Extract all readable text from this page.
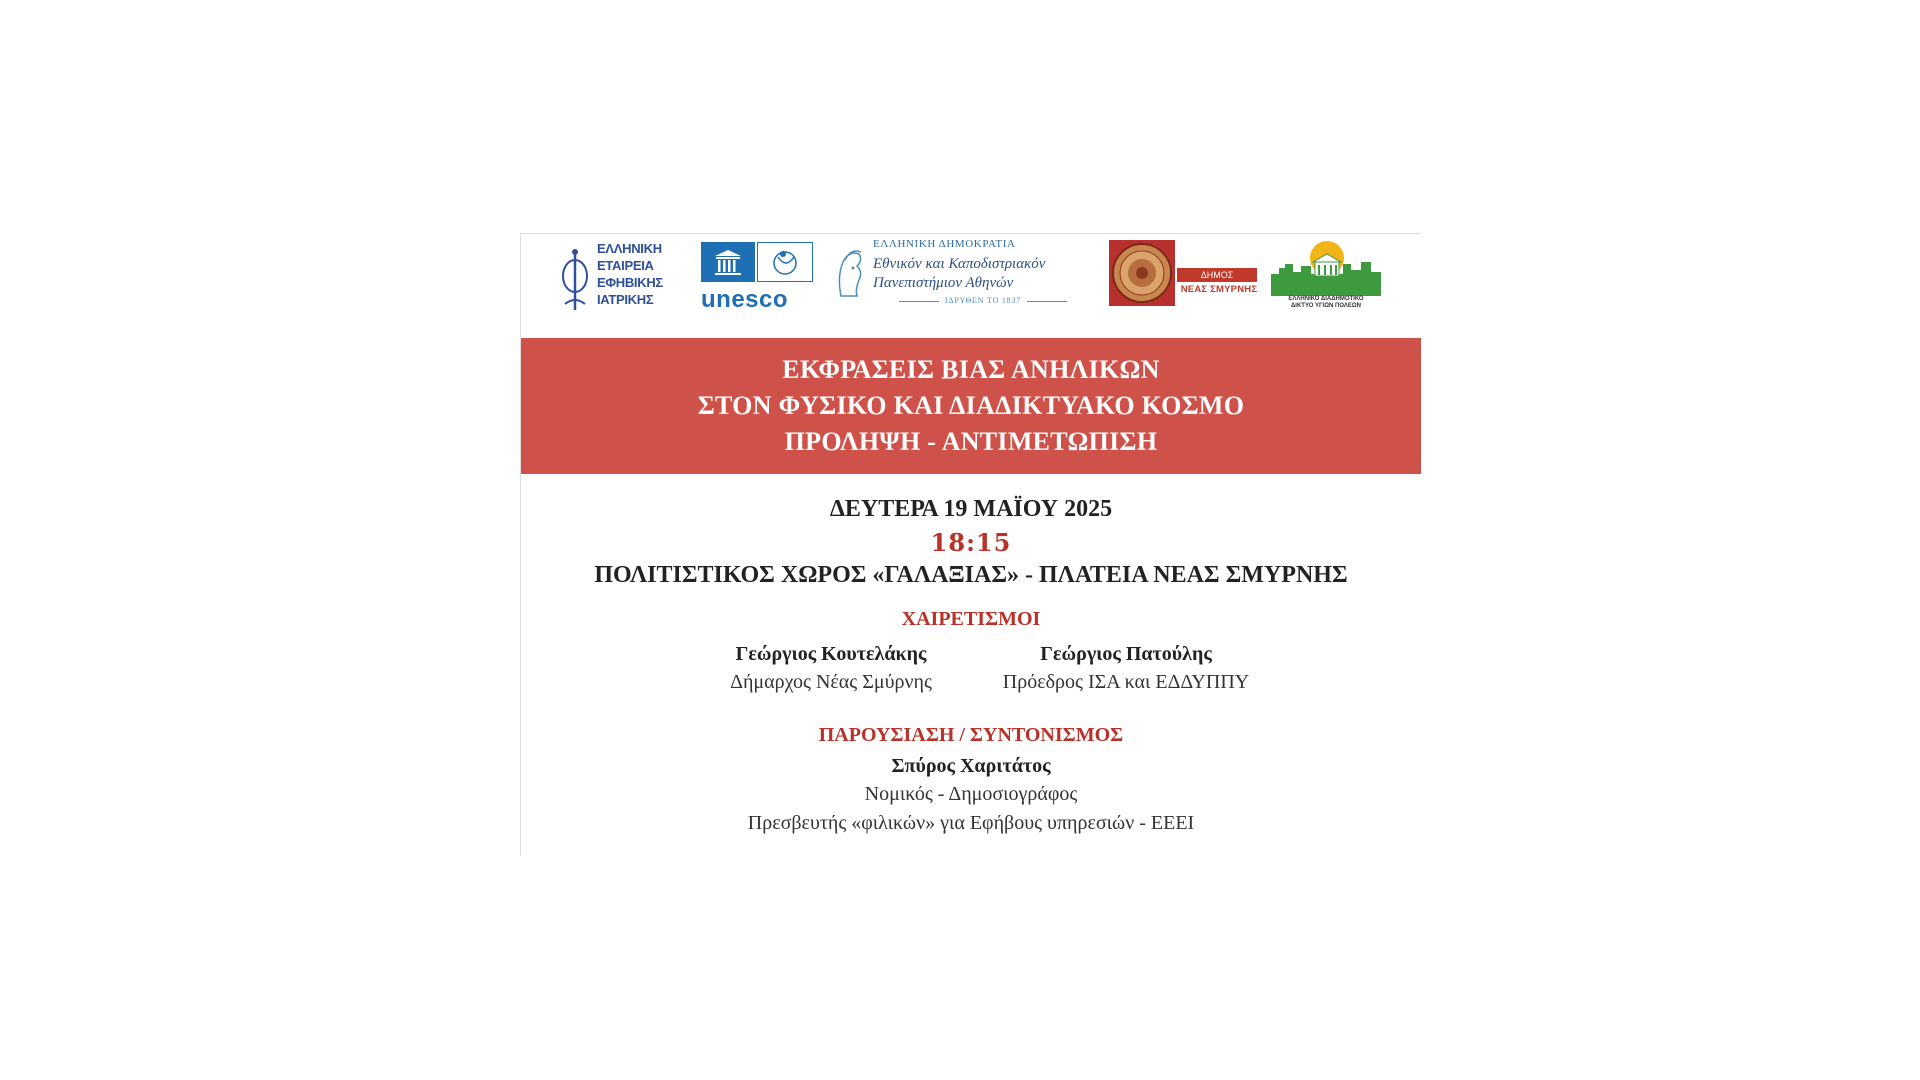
ΕΛΛΗΝΙΚΗ
ΕΤΑΙΡΕΙΑ
ΕΦΗΒΙΚΗΣ
ΙΑΤΡΙΚΗΣ	unesco
ΕΛΛΗΝΙΚΗ ΔΗΜΟΚΡΑΤΙΑ
Εθνικόν και Καποδιστριακόν
Πανεπιστήμιον Αθηνών
ΙΔΡΥΘΕΝ ΤΟ 1837
ΔΗΜΟΣ
ΝΕΑΣ ΣΜΥΡΝΗΣ
ΕΛΛΗΝΙΚΟ ΔΙΑΔΗΜΟΤΙΚΟ
ΔΙΚΤΥΟ ΥΓΙΩΝ ΠΟΛΕΩΝ
ΕΚΦΡΑΣΕΙΣ ΒΙΑΣ ΑΝΗΛΙΚΩΝ
ΣΤΟΝ ΦΥΣΙΚΟ ΚΑΙ ΔΙΑΔΙΚΤΥΑΚΟ ΚΟΣΜΟ
ΠΡΟΛΗΨΗ - ΑΝΤΙΜΕΤΩΠΙΣΗ
ΔΕΥΤΕΡΑ 19 ΜΑΪΟΥ 2025
18:15
ΠΟΛΙΤΙΣΤΙΚΟΣ ΧΩΡΟΣ «ΓΑΛΑΞΙΑΣ» - ΠΛΑΤΕΙΑ ΝΕΑΣ ΣΜΥΡΝΗΣ
ΧΑΙΡΕΤΙΣΜΟΙ
Γεώργιος Κουτελάκης
Δήμαρχος Νέας Σμύρνης
Γεώργιος Πατούλης
Πρόεδρος ΙΣΑ και ΕΔΔΥΠΠΥ
ΠΑΡΟΥΣΙΑΣΗ / ΣΥΝΤΟΝΙΣΜΟΣ
Σπύρος Χαριτάτος
Νομικός - Δημοσιογράφος
Πρεσβευτής «φιλικών» για Εφήβους υπηρεσιών - ΕΕΕΙ
